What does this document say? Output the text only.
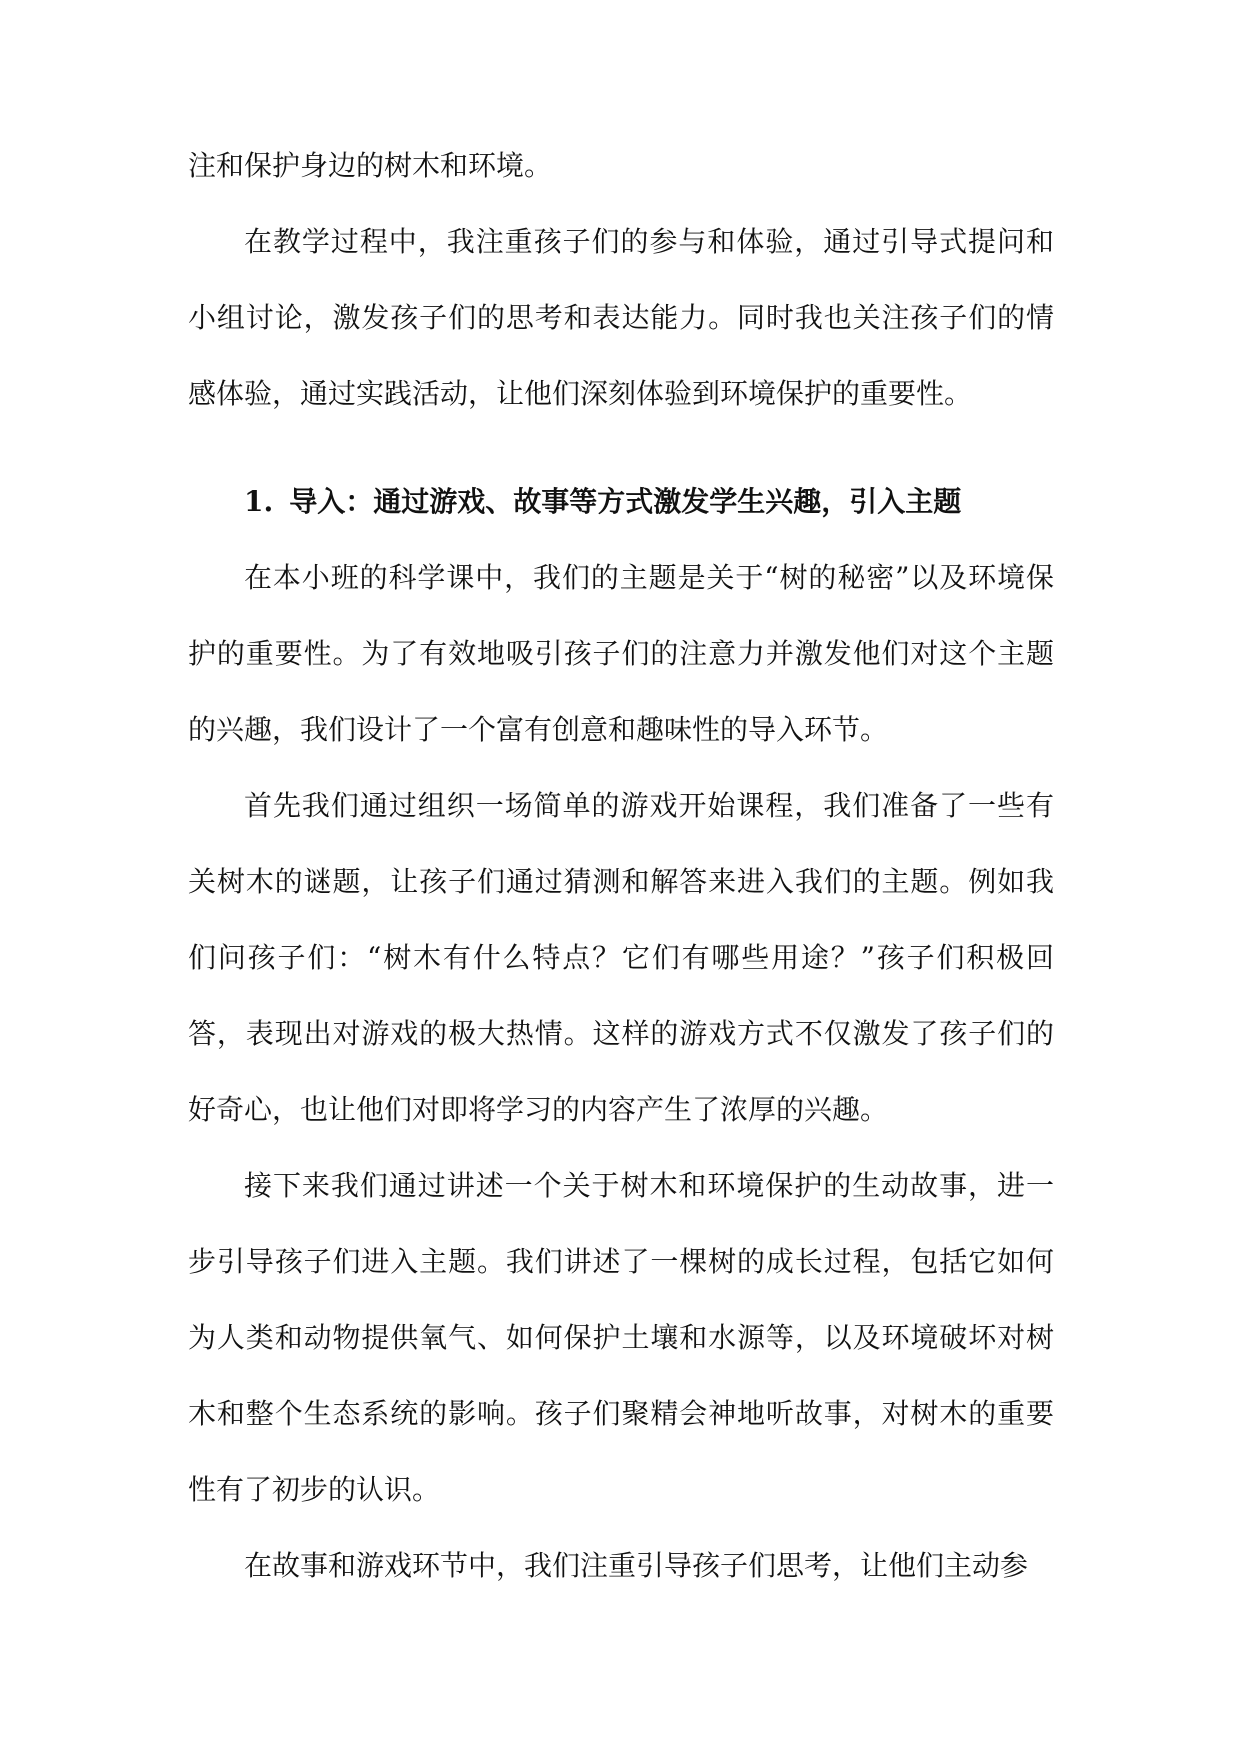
注和保护身边的树木和环境。

在教学过程中，我注重孩子们的参与和体验，通过引导式提问和小组讨论，激发孩子们的思考和表达能力。同时我也关注孩子们的情感体验，通过实践活动，让他们深刻体验到环境保护的重要性。

1. 导入：通过游戏、故事等方式激发学生兴趣，引入主题

在本小班的科学课中，我们的主题是关于“树的秘密”以及环境保护的重要性。为了有效地吸引孩子们的注意力并激发他们对这个主题的兴趣，我们设计了一个富有创意和趣味性的导入环节。

首先我们通过组织一场简单的游戏开始课程，我们准备了一些有关树木的谜题，让孩子们通过猜测和解答来进入我们的主题。例如我们问孩子们：“树木有什么特点？它们有哪些用途？”孩子们积极回答，表现出对游戏的极大热情。这样的游戏方式不仅激发了孩子们的好奇心，也让他们对即将学习的内容产生了浓厚的兴趣。

接下来我们通过讲述一个关于树木和环境保护的生动故事，进一步引导孩子们进入主题。我们讲述了一棵树的成长过程，包括它如何为人类和动物提供氧气、如何保护土壤和水源等，以及环境破坏对树木和整个生态系统的影响。孩子们聚精会神地听故事，对树木的重要性有了初步的认识。

在故事和游戏环节中，我们注重引导孩子们思考，让他们主动参
